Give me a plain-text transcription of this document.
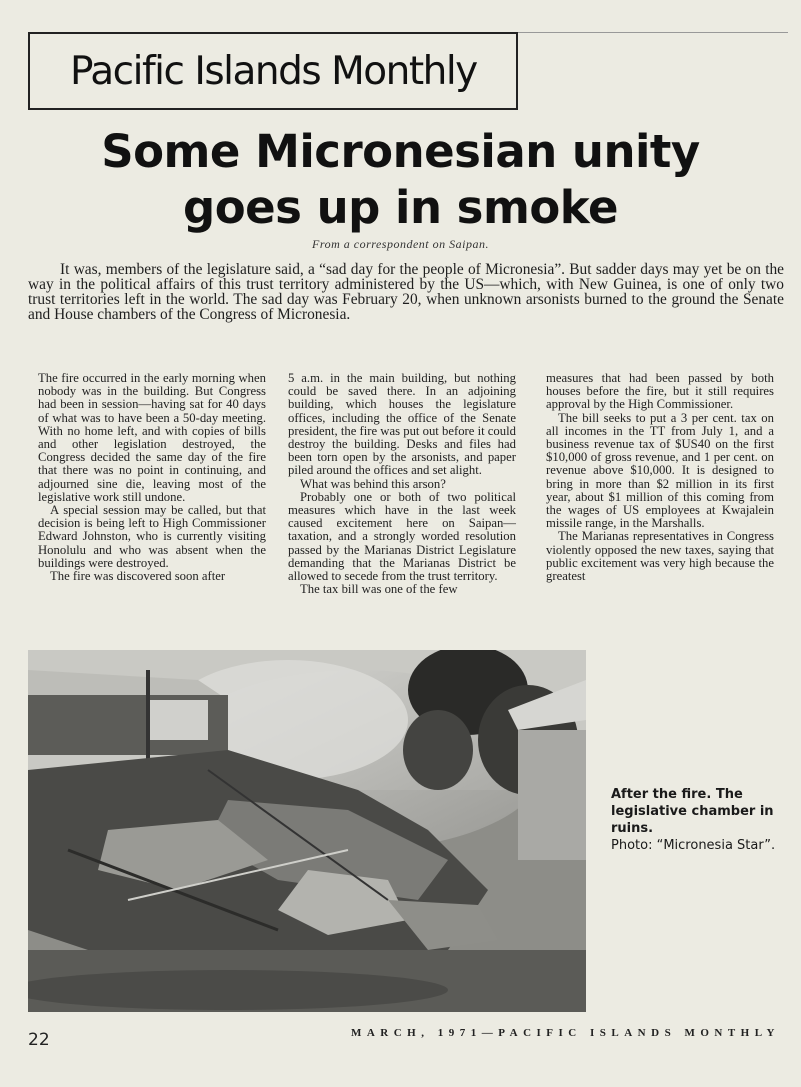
Pacific Islands Monthly
Some Micronesian unity
goes up in smoke
From a correspondent on Saipan.

It was, members of the legislature said, a “sad day for the people of Micronesia”. But sadder days may yet be on the way in the political affairs of this trust territory administered by the US—which, with New Guinea, is one of only two trust territories left in the world. The sad day was February 20, when unknown arsonists burned to the ground the Senate and House chambers of the Congress of Micronesia.

The fire occurred in the early morning when nobody was in the building. But Congress had been in session—having sat for 40 days of what was to have been a 50-day meeting. With no home left, and with copies of bills and other legislation destroyed, the Congress decided the same day of the fire that there was no point in continuing, and adjourned sine die, leaving most of the legislative work still undone.

A special session may be called, but that decision is being left to High Commissioner Edward Johnston, who is currently visiting Honolulu and who was absent when the buildings were destroyed.

The fire was discovered soon after

5 a.m. in the main building, but nothing could be saved there. In an adjoining building, which houses the legislature offices, including the office of the Senate president, the fire was put out before it could destroy the building. Desks and files had been torn open by the arsonists, and paper piled around the offices and set alight.

What was behind this arson?

Probably one or both of two political measures which have in the last week caused excitement here on Saipan—taxation, and a strongly worded resolution passed by the Marianas District Legislature demanding that the Marianas District be allowed to secede from the trust territory.

The tax bill was one of the few

measures that had been passed by both houses before the fire, but it still requires approval by the High Commissioner.

The bill seeks to put a 3 per cent. tax on all incomes in the TT from July 1, and a business revenue tax of $US40 on the first $10,000 of gross revenue, and 1 per cent. on revenue above $10,000. It is designed to bring in more than $2 million in its first year, about $1 million of this coming from the wages of US employees at Kwajalein missile range, in the Marshalls.

The Marianas representatives in Congress violently opposed the new taxes, saying that public excitement was very high because the greatest

After the fire. The legislative chamber in ruins.
Photo: “Micronesia Star”.
22	MARCH, 1971—PACIFIC ISLANDS MONTHLY
